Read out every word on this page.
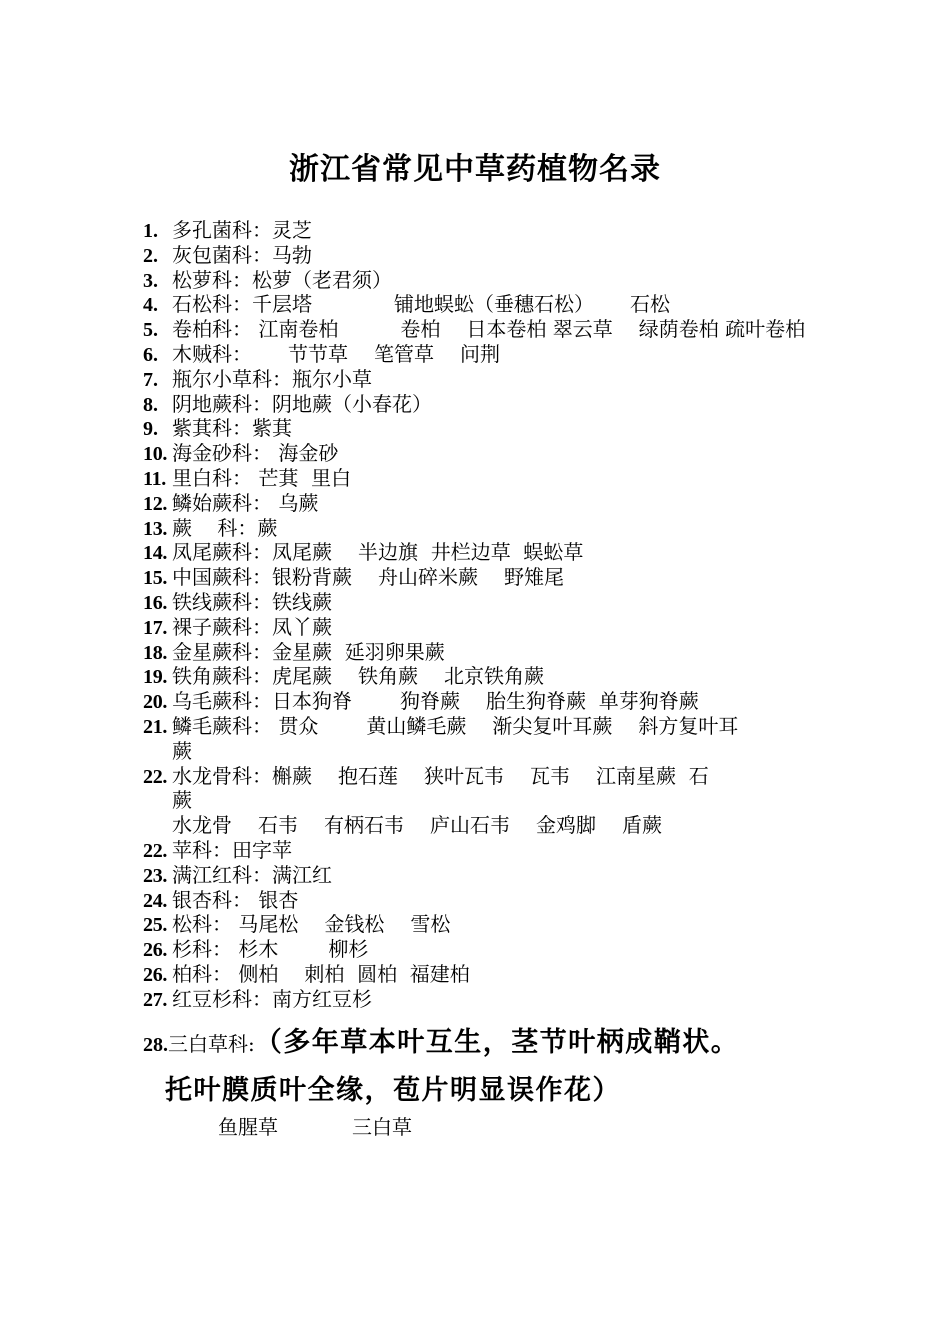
浙江省常见中草药植物名录
1. 多孔菌科：灵芝
2. 灰包菌科：马勃
3. 松萝科：松萝（老君须）
4. 石松科：千层塔	铺地蜈蚣（垂穗石松） 石松
5. 卷柏科： 江南卷柏	卷柏 日本卷柏 翠云草 绿荫卷柏 疏叶卷柏
6. 木贼科： 节节草 笔管草 问荆
7. 瓶尔小草科：瓶尔小草
8. 阴地蕨科：阴地蕨（小春花）
9. 紫萁科：紫萁
10. 海金砂科： 海金砂
11. 里白科： 芒萁  里白
12. 鳞始蕨科： 乌蕨
13. 蕨    科：蕨
14. 凤尾蕨科：凤尾蕨 半边旗  井栏边草  蜈蚣草
15. 中国蕨科：银粉背蕨 舟山碎米蕨 野雉尾
16. 铁线蕨科：铁线蕨
17. 裸子蕨科：凤丫蕨
18. 金星蕨科：金星蕨  延羽卵果蕨
19. 铁角蕨科：虎尾蕨 铁角蕨 北京铁角蕨
20. 乌毛蕨科：日本狗脊 狗脊蕨 胎生狗脊蕨  单芽狗脊蕨
21. 鳞毛蕨科： 贯众 黄山鳞毛蕨 渐尖复叶耳蕨 斜方复叶耳
蕨
22. 水龙骨科：槲蕨 抱石莲 狭叶瓦韦 瓦韦 江南星蕨  石
蕨
水龙骨 石韦 有柄石韦 庐山石韦 金鸡脚 盾蕨
22. 苹科：田字苹
23. 满江红科：满江红
24. 银杏科： 银杏
25. 松科： 马尾松 金钱松 雪松
26. 杉科： 杉木	柳杉
26. 柏科： 侧柏 刺柏  圆柏  福建柏
27. 红豆杉科：南方红豆杉
28.三白草科:（多年草本叶互生，茎节叶柄成鞘状。
托叶膜质叶全缘，苞片明显误作花）
鱼腥草	三白草
